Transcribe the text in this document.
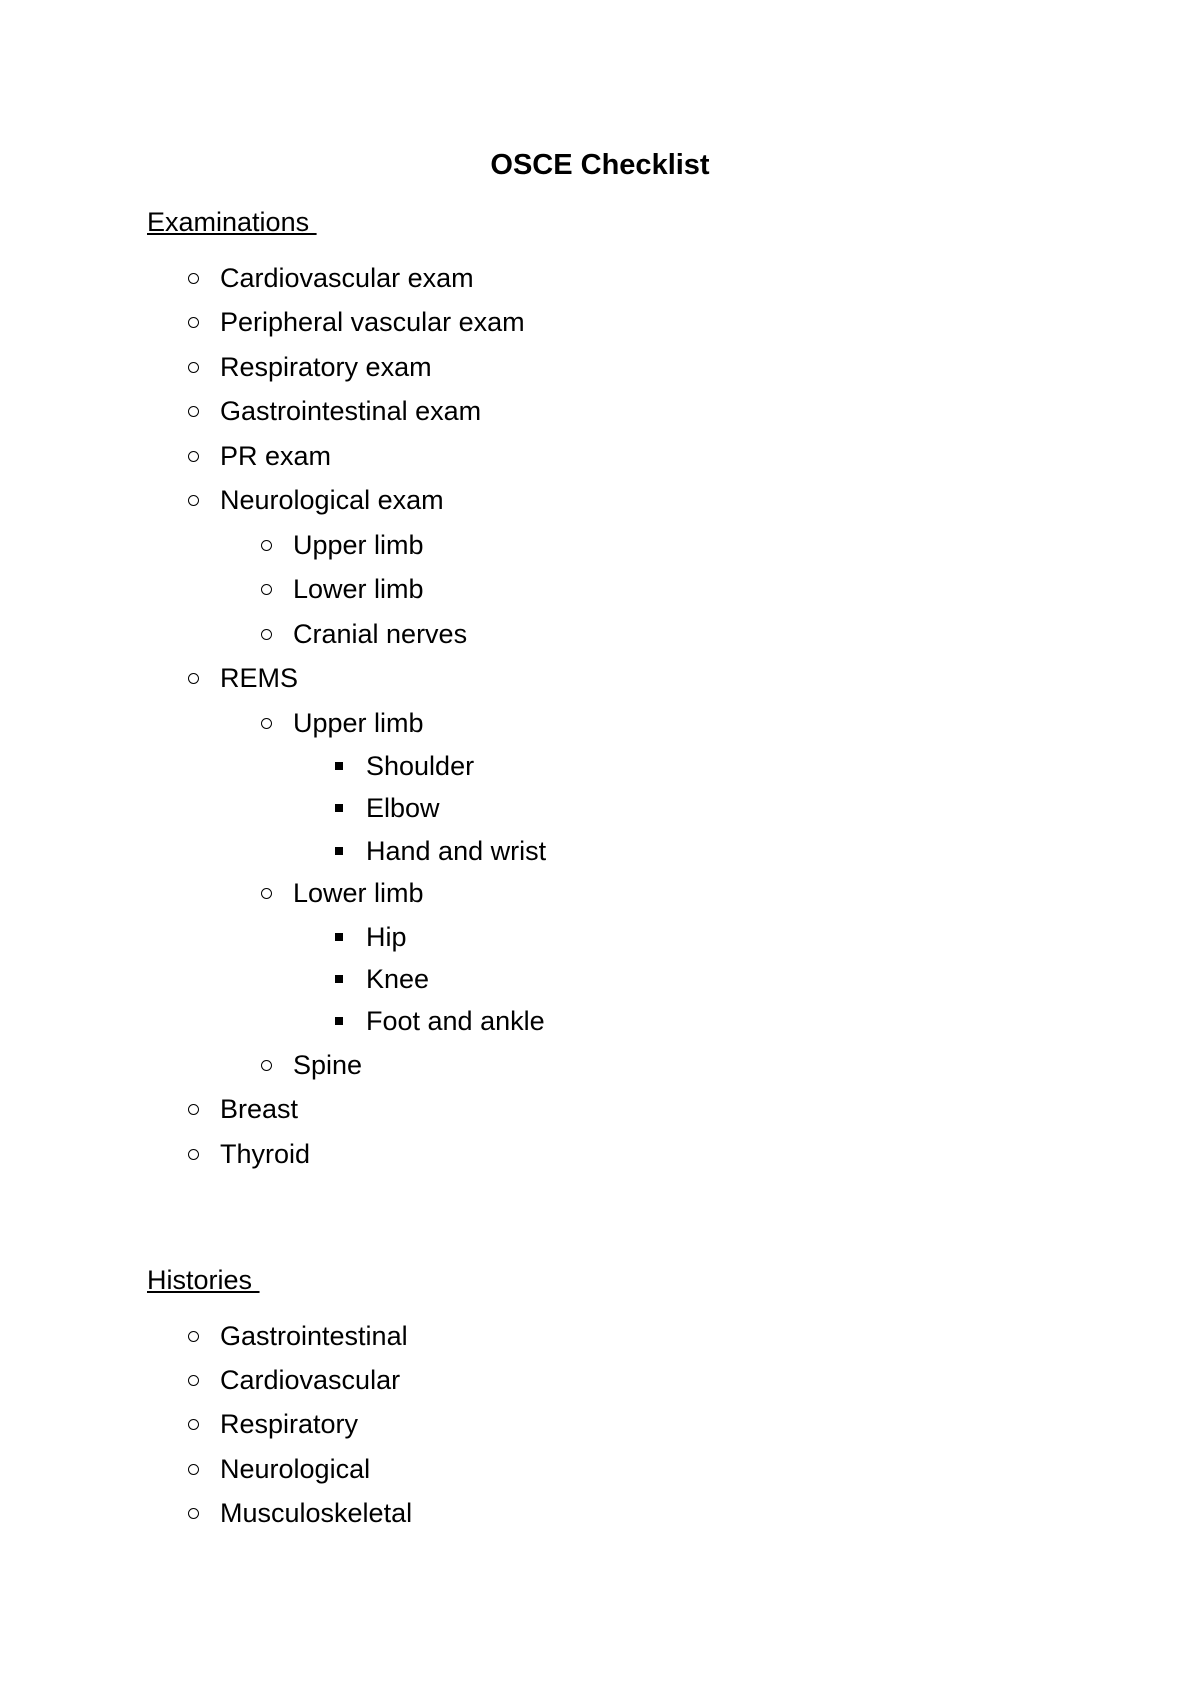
OSCE Checklist
Examinations
Cardiovascular exam
Peripheral vascular exam
Respiratory exam
Gastrointestinal exam
PR exam
Neurological exam
Upper limb
Lower limb
Cranial nerves
REMS
Upper limb
Shoulder
Elbow
Hand and wrist
Lower limb
Hip
Knee
Foot and ankle
Spine
Breast
Thyroid
Histories
Gastrointestinal
Cardiovascular
Respiratory
Neurological
Musculoskeletal
